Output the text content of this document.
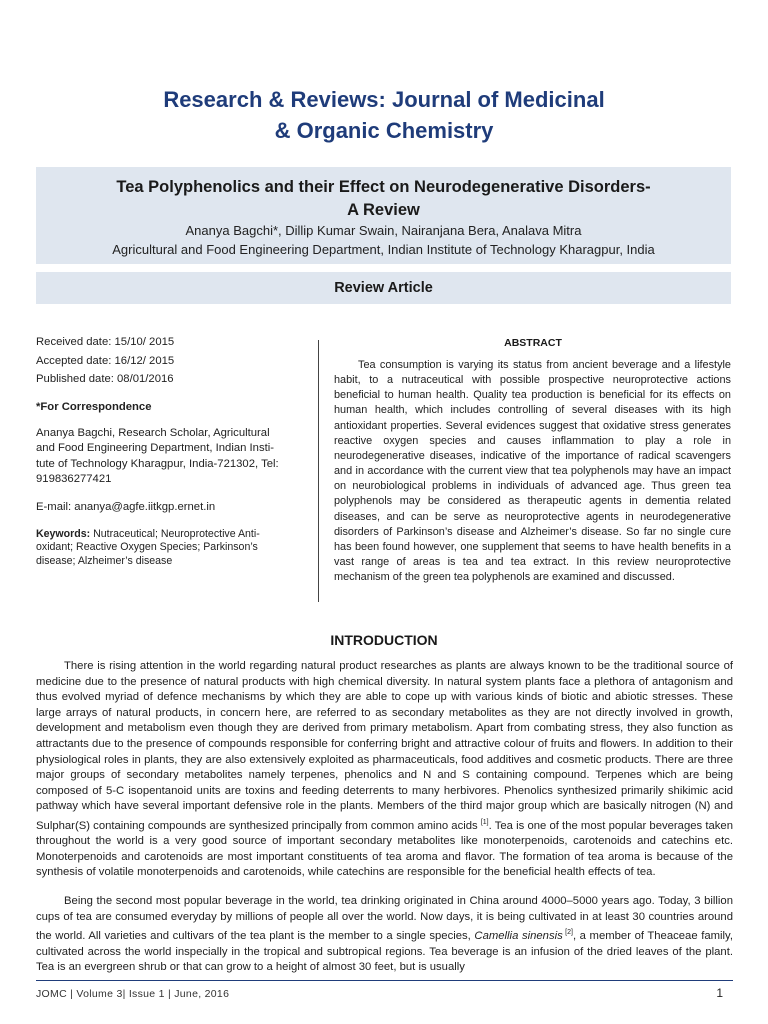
Research & Reviews: Journal of Medicinal
& Organic Chemistry
Tea Polyphenolics and their Effect on Neurodegenerative Disorders-
A Review
Ananya Bagchi*, Dillip Kumar Swain, Nairanjana Bera, Analava Mitra
Agricultural and Food Engineering Department, Indian Institute of Technology Kharagpur, India
Review Article
Received date: 15/10/ 2015
Accepted date: 16/12/ 2015
Published date: 08/01/2016
*For Correspondence
Ananya Bagchi, Research Scholar, Agricultural
and Food Engineering Department, Indian Insti-
tute of Technology Kharagpur, India-721302, Tel:
919836277421
E-mail: ananya@agfe.iitkgp.ernet.in
Keywords: Nutraceutical; Neuroprotective Anti-
oxidant; Reactive Oxygen Species; Parkinson’s
disease; Alzheimer’s disease
ABSTRACT
Tea consumption is varying its status from ancient beverage and a lifestyle habit, to a nutraceutical with possible prospective neuroprotective actions beneficial to human health. Quality tea production is beneficial for its effects on human health, which includes controlling of several diseases with its high antioxidant properties. Several evidences suggest that oxidative stress generates reactive oxygen species and causes inflammation to play a role in neurodegenerative diseases, indicative of the importance of radical scavengers and in accordance with the current view that tea polyphenols may have an impact on neurobiological problems in individuals of advanced age. Thus green tea polyphenols may be considered as therapeutic agents in dementia related diseases, and can be serve as neuroprotective agents in neurodegenerative disorders of Parkinson’s disease and Alzheimer’s disease. So far no single cure has been found however, one supplement that seems to have health benefits in a vast range of areas is tea and tea extract. In this review neuroprotective mechanism of the green tea polyphenols are examined and discussed.
INTRODUCTION
There is rising attention in the world regarding natural product researches as plants are always known to be the traditional source of medicine due to the presence of natural products with high chemical diversity. In natural system plants face a plethora of antagonism and thus evolved myriad of defence mechanisms by which they are able to cope up with various kinds of biotic and abiotic stresses. These large arrays of natural products, in concern here, are referred to as secondary metabolites as they are not directly involved in growth, development and metabolism even though they are derived from primary metabolism. Apart from combating stress, they also function as attractants due to the presence of compounds responsible for conferring bright and attractive colour of fruits and flowers. In addition to their physiological roles in plants, they are also extensively exploited as pharmaceuticals, food additives and cosmetic products. There are three major groups of secondary metabolites namely terpenes, phenolics and N and S containing compound. Terpenes which are being composed of 5-C isopentanoid units are toxins and feeding deterrents to many herbivores. Phenolics synthesized primarily shikimic acid pathway which have several important defensive role in the plants. Members of the third major group which are basically nitrogen (N) and Sulphar(S) containing compounds are synthesized principally from common amino acids [1]. Tea is one of the most popular beverages taken throughout the world is a very good source of important secondary metabolites like monoterpenoids, carotenoids and catechins etc. Monoterpenoids and carotenoids are most important constituents of tea aroma and flavor. The formation of tea aroma is because of the synthesis of volatile monoterpenoids and carotenoids, while catechins are responsible for the beneficial health effects of tea.
Being the second most popular beverage in the world, tea drinking originated in China around 4000–5000 years ago. Today, 3 billion cups of tea are consumed everyday by millions of people all over the world. Now days, it is being cultivated in at least 30 countries around the world. All varieties and cultivars of the tea plant is the member to a single species, Camellia sinensis [2], a member of Theaceae family, cultivated across the world inspecially in the tropical and subtropical regions. Tea beverage is an infusion of the dried leaves of the plant. Tea is an evergreen shrub or that can grow to a height of almost 30 feet, but is usually
JOMC | Volume 3| Issue 1 | June, 2016	1
